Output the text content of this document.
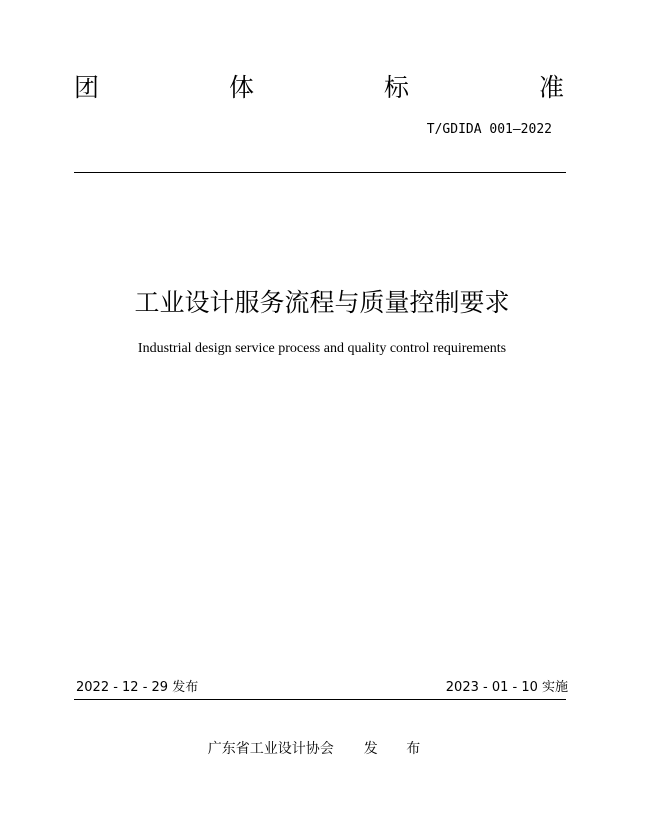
团	体	标	准
T/GDIDA 001—2022
工业设计服务流程与质量控制要求
Industrial design service process and quality control requirements
2022 - 12 - 29 发布	2023 - 01 - 10 实施
广东省工业设计协会 发 布
